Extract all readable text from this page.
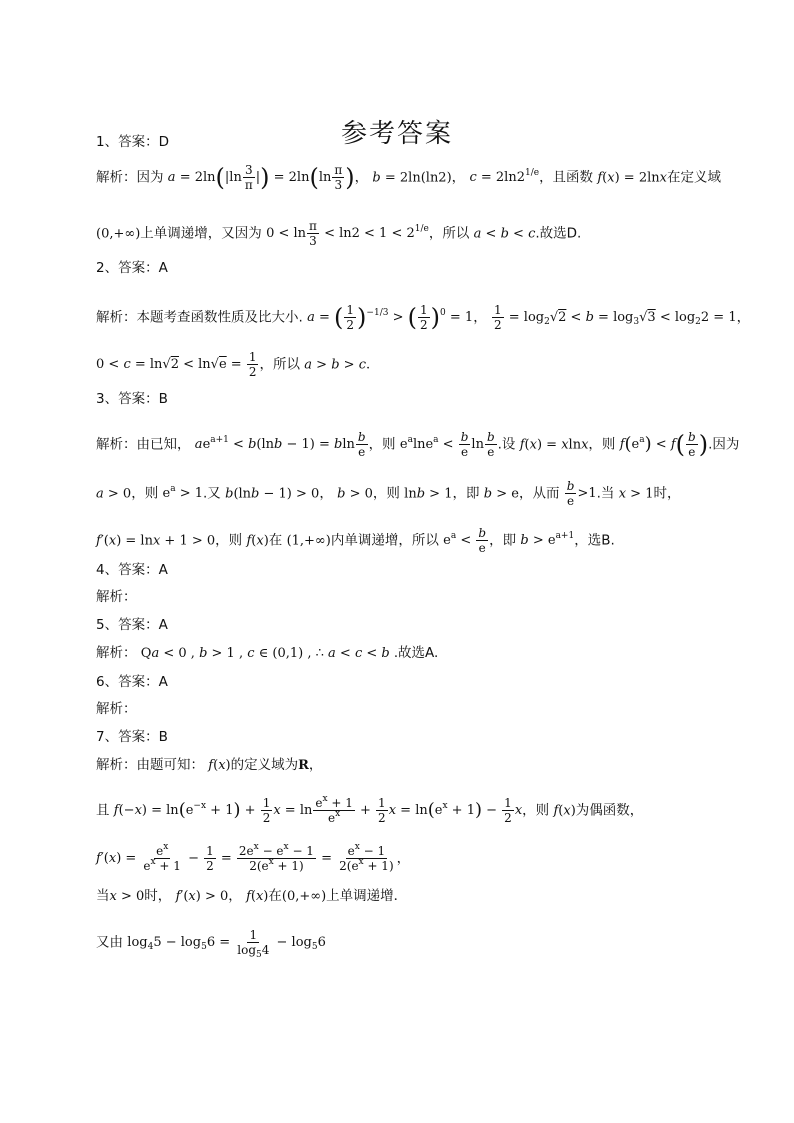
参考答案
1、答案：D
解析：因为 $a = 2\ln(|\ln \frac{3}{\pi}$ |) = $2\ln(\ln \frac{\pi}{3}$ )， b = 2ln(ln2)， $c = 2\ln 2^{1/e}$，且函数 f(x) = 2lnx在定义域
(0,+∞)上单调递增，又因为 $0 < \ln \frac{\pi}{3} < \ln 2 < 1 < 2^{1/e}$，所以 a < b < c.故选D.
2、答案：A
解析：本题考查函数性质及比大小. a = ( $\frac{1}{2} )^{-1/3}$ > ( $\frac{1}{2} )^0 = 1$， $\frac{1}{2} = \log_2√2 < b = \log_3√3 < \log_22 = 1$，
$0 < c = \ln√2 < \ln√e = \frac{1}{2}$ ，所以 a > b > c.
3、答案：B
解析：由已知， $ae^{a+1} < b(\ln b - 1) = bln \frac{b}{e}$ ，则 $e^a\ln e^a < \frac{b}{e}$ $\ln \frac{b}{e}$ .设 f(x) = xlnx，则 $f(e^a) < f( \frac{b}{e}$ ).因为
a > 0，则 $e^a > 1$.又 b(lnb − 1) > 0， b > 0，则 lnb > 1，即 b > e，从而 $\frac{b}{e} >1$.当 x > 1时，
f′(x) = lnx + 1 > 0，则 f(x)在 (1,+∞)内单调递增，所以 $e^a < \frac{b}{e}$ ，即 $b > e^{a+1}$，选B.
4、答案：A
解析：
5、答案：A
解析： Qa < 0 , b > 1 , c ∈ (0,1) , ∴ a < c < b .故选A.
6、答案：A
解析：
7、答案：B
解析：由题可知： f(x)的定义域为R，
且 $f(-x) = \ln(e^{-x} + 1) + \frac{1}{2}$ $x = \ln \frac{e^x + 1}{e^x} + \frac{1}{2}$ $x = \ln(e^x + 1) - \frac{1}{2}$ x，则 f(x)为偶函数，
$f'(x) = \frac{e^x}{e^x + 1} - \frac{1}{2} = \frac{2e^x - e^x - 1}{2(e^x + 1)} = \frac{e^x - 1}{2(e^x + 1)}$ ，
当x > 0时， f′(x) > 0， f(x)在(0,+∞)上单调递增．
又由 $\log_45 - \log_56 = \frac{1}{\log_54} - \log_56$
